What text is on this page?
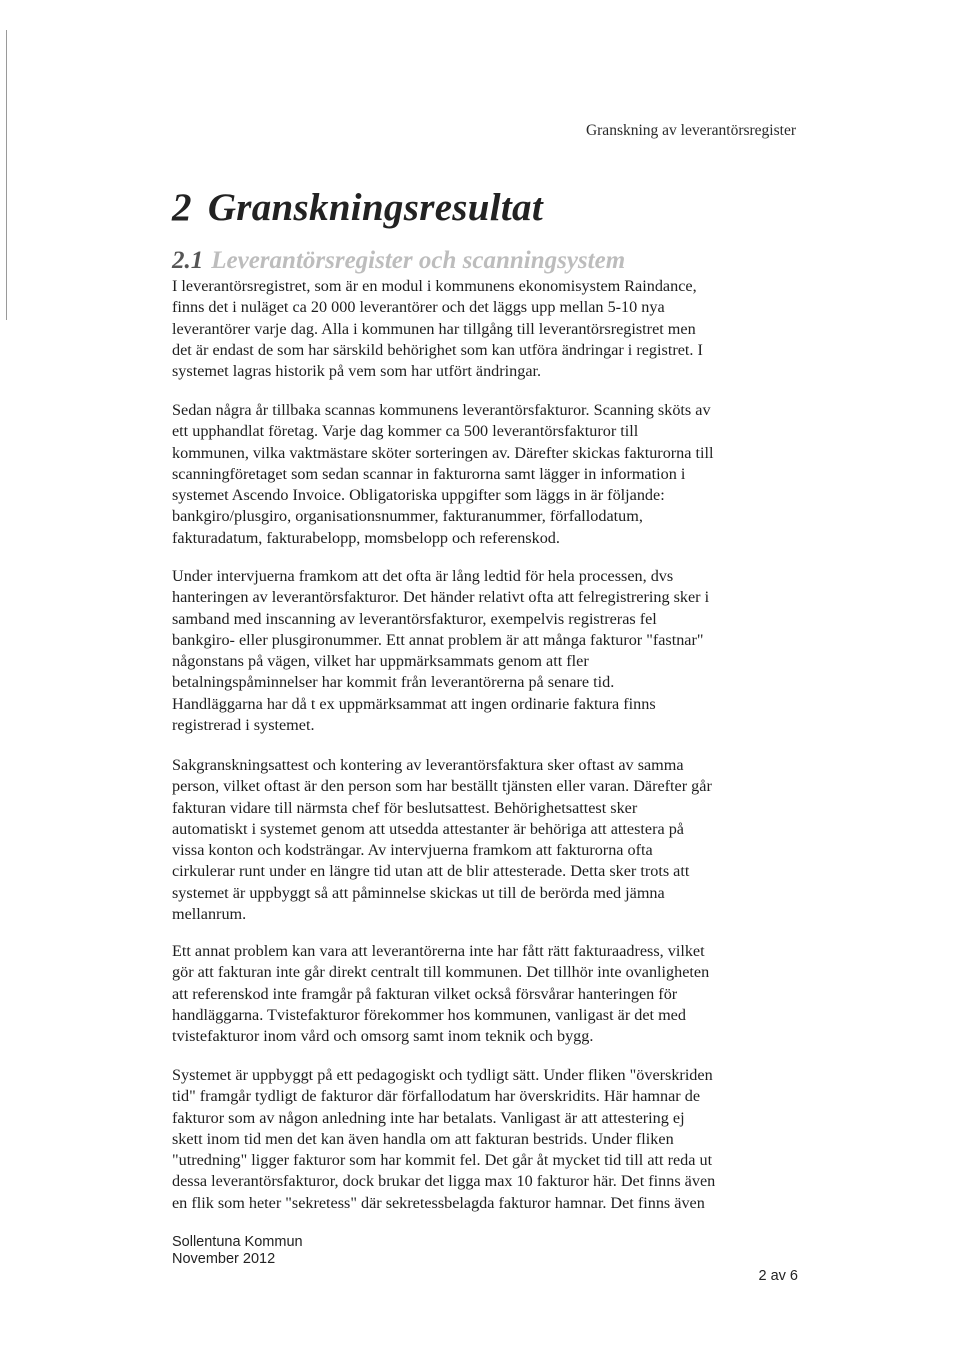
Granskning av leverantörsregister
2 Granskningsresultat
2.1 Leverantörsregister och scanningsystem

I leverantörsregistret, som är en modul i kommunens ekonomisystem Raindance,
finns det i nuläget ca 20 000 leverantörer och det läggs upp mellan 5-10 nya
leverantörer varje dag. Alla i kommunen har tillgång till leverantörsregistret men
det är endast de som har särskild behörighet som kan utföra ändringar i registret. I
systemet lagras historik på vem som har utfört ändringar.

Sedan några år tillbaka scannas kommunens leverantörsfakturor. Scanning sköts av
ett upphandlat företag. Varje dag kommer ca 500 leverantörsfakturor till
kommunen, vilka vaktmästare sköter sorteringen av. Därefter skickas fakturorna till
scanningföretaget som sedan scannar in fakturorna samt lägger in information i
systemet Ascendo Invoice. Obligatoriska uppgifter som läggs in är följande:
bankgiro/plusgiro, organisationsnummer, fakturanummer, förfallodatum,
fakturadatum, fakturabelopp, momsbelopp och referenskod.

Under intervjuerna framkom att det ofta är lång ledtid för hela processen, dvs
hanteringen av leverantörsfakturor. Det händer relativt ofta att felregistrering sker i
samband med inscanning av leverantörsfakturor, exempelvis registreras fel
bankgiro- eller plusgironummer. Ett annat problem är att många fakturor "fastnar"
någonstans på vägen, vilket har uppmärksammats genom att fler
betalningspåminnelser har kommit från leverantörerna på senare tid.
Handläggarna har då t ex uppmärksammat att ingen ordinarie faktura finns
registrerad i systemet.

Sakgranskningsattest och kontering av leverantörsfaktura sker oftast av samma
person, vilket oftast är den person som har beställt tjänsten eller varan. Därefter går
fakturan vidare till närmsta chef för beslutsattest. Behörighetsattest sker
automatiskt i systemet genom att utsedda attestanter är behöriga att attestera på
vissa konton och kodsträngar. Av intervjuerna framkom att fakturorna ofta
cirkulerar runt under en längre tid utan att de blir attesterade. Detta sker trots att
systemet är uppbyggt så att påminnelse skickas ut till de berörda med jämna
mellanrum.

Ett annat problem kan vara att leverantörerna inte har fått rätt fakturaadress, vilket
gör att fakturan inte går direkt centralt till kommunen. Det tillhör inte ovanligheten
att referenskod inte framgår på fakturan vilket också försvårar hanteringen för
handläggarna. Tvistefakturor förekommer hos kommunen, vanligast är det med
tvistefakturor inom vård och omsorg samt inom teknik och bygg.

Systemet är uppbyggt på ett pedagogiskt och tydligt sätt. Under fliken "överskriden
tid" framgår tydligt de fakturor där förfallodatum har överskridits. Här hamnar de
fakturor som av någon anledning inte har betalats. Vanligast är att attestering ej
skett inom tid men det kan även handla om att fakturan bestrids. Under fliken
"utredning" ligger fakturor som har kommit fel. Det går åt mycket tid till att reda ut
dessa leverantörsfakturor, dock brukar det ligga max 10 fakturor här. Det finns även
en flik som heter "sekretess" där sekretessbelagda fakturor hamnar. Det finns även

Sollentuna Kommun
November 2012
2 av 6
